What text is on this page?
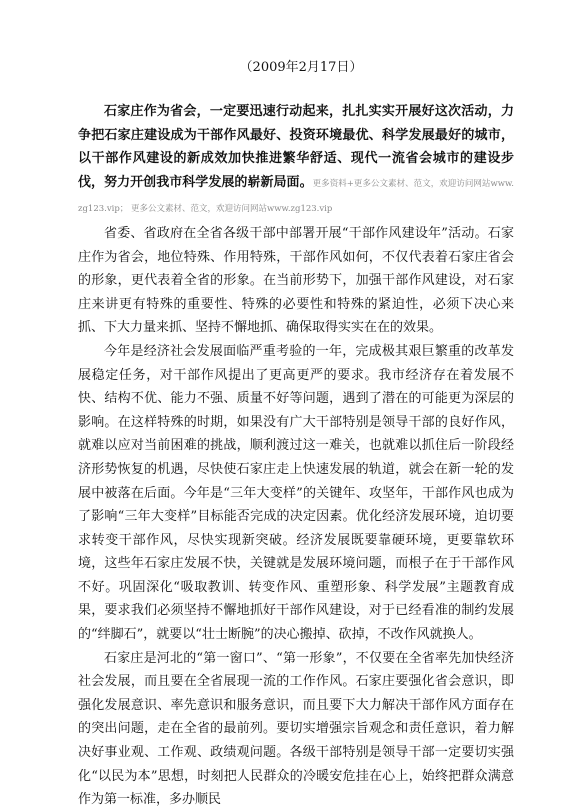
（2009年2月17日）

石家庄作为省会，一定要迅速行动起来，扎扎实实开展好这次活动，力争把石家庄建设成为干部作风最好、投资环境最优、科学发展最好的城市，以干部作风建设的新成效加快推进繁华舒适、现代一流省会城市的建设步伐，努力开创我市科学发展的崭新局面。更多资料+更多公文素材、范文，欢迎访问网站www.zg123.vip； 更多公文素材、范文，欢迎访问网站www.zg123.vip

省委、省政府在全省各级干部中部署开展“干部作风建设年”活动。石家庄作为省会，地位特殊、作用特殊，干部作风如何，不仅代表着石家庄省会的形象，更代表着全省的形象。在当前形势下，加强干部作风建设，对石家庄来讲更有特殊的重要性、特殊的必要性和特殊的紧迫性，必须下决心来抓、下大力量来抓、坚持不懈地抓、确保取得实实在在的效果。

今年是经济社会发展面临严重考验的一年，完成极其艰巨繁重的改革发展稳定任务，对干部作风提出了更高更严的要求。我市经济存在着发展不快、结构不优、能力不强、质量不好等问题，遇到了潜在的可能更为深层的影响。在这样特殊的时期，如果没有广大干部特别是领导干部的良好作风，就难以应对当前困难的挑战，顺利渡过这一难关，也就难以抓住后一阶段经济形势恢复的机遇，尽快使石家庄走上快速发展的轨道，就会在新一轮的发展中被落在后面。今年是“三年大变样”的关键年、攻坚年，干部作风也成为了影响“三年大变样”目标能否完成的决定因素。优化经济发展环境，迫切要求转变干部作风，尽快实现新突破。经济发展既要靠硬环境，更要靠软环境，这些年石家庄发展不快，关键就是发展环境问题，而根子在于干部作风不好。巩固深化“吸取教训、转变作风、重塑形象、科学发展”主题教育成果，要求我们必须坚持不懈地抓好干部作风建设，对于已经看准的制约发展的“绊脚石”，就要以“壮士断腕”的决心搬掉、砍掉，不改作风就换人。

石家庄是河北的“第一窗口”、“第一形象”，不仅要在全省率先加快经济社会发展，而且要在全省展现一流的工作作风。石家庄要强化省会意识，即强化发展意识、率先意识和服务意识，而且要下大力解决干部作风方面存在的突出问题，走在全省的最前列。要切实增强宗旨观念和责任意识，着力解决好事业观、工作观、政绩观问题。各级干部特别是领导干部一定要切实强化“以民为本”思想，时刻把人民群众的冷暖安危挂在心上，始终把群众满意作为第一标准，多办顺民
